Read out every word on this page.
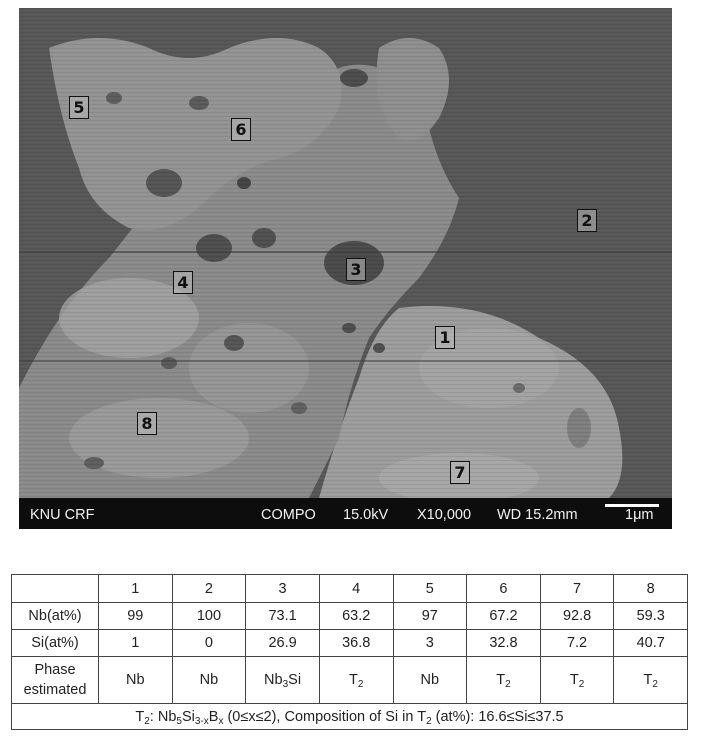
5
6
2
3
4
1
8
7
KNU CRF	COMPO 15.0kV X10,000 WD 15.2mm	1μm
	1	2	3	4	5	6	7	8
Nb(at%)	99	100	73.1	63.2	97	67.2	92.8	59.3
Si(at%)	1	0	26.9	36.8	3	32.8	7.2	40.7

Phase
estimated	Nb	Nb	$Nb_3Si$	$T_2$	Nb	$T_2$	$T_2$	$T_2$
$T_2$: $Nb_5Si_{3-x}B_x$ (0≤x≤2), Composition of Si in $T_2$ (at%): 16.6≤Si≤37.5								
